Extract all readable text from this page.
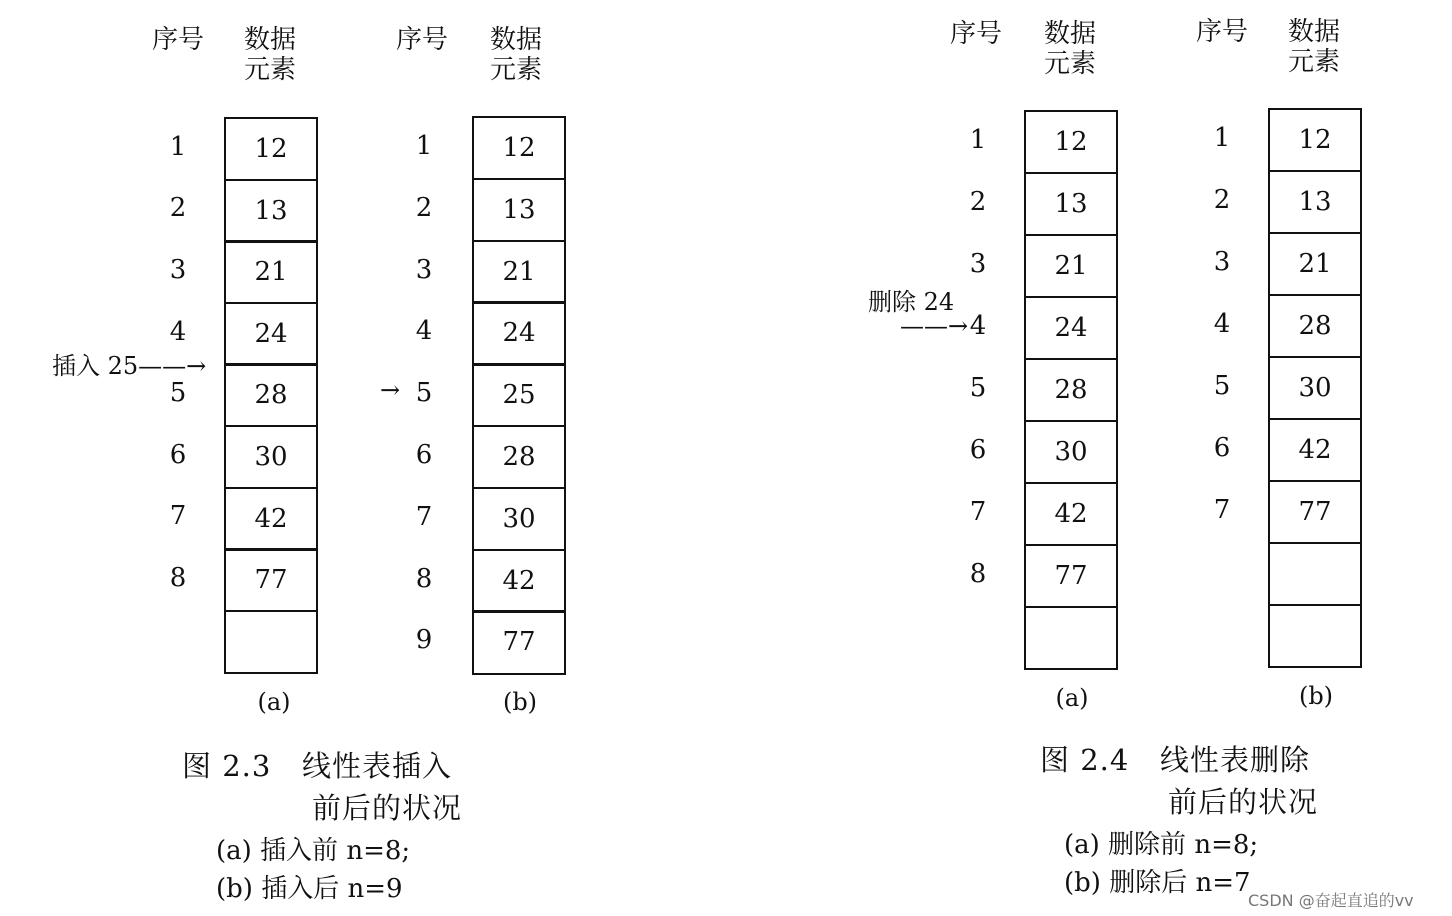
序号 数据
元素
(a)
插入 25——→
12
1
13
2
21
3
24
4
28
5
30
6
42
7
77
8
序号 数据
元素
(b)
→
12
1
13
2
21
3
24
4
25
5
28
6
30
7
42
8
77
9
图 2.3   线性表插入
前后的状况
(a) 插入前 n=8;
(b) 插入后 n=9
序号 数据
元素
(a)
删除 24
——→
12
1
13
2
21
3
24
4
28
5
30
6
42
7
77
8
序号 数据
元素
(b)
12
1
13
2
21
3
28
4
30
5
42
6
77
7
图 2.4   线性表删除
前后的状况
(a) 删除前 n=8;
(b) 删除后 n=7
CSDN @奋起直追的vv
